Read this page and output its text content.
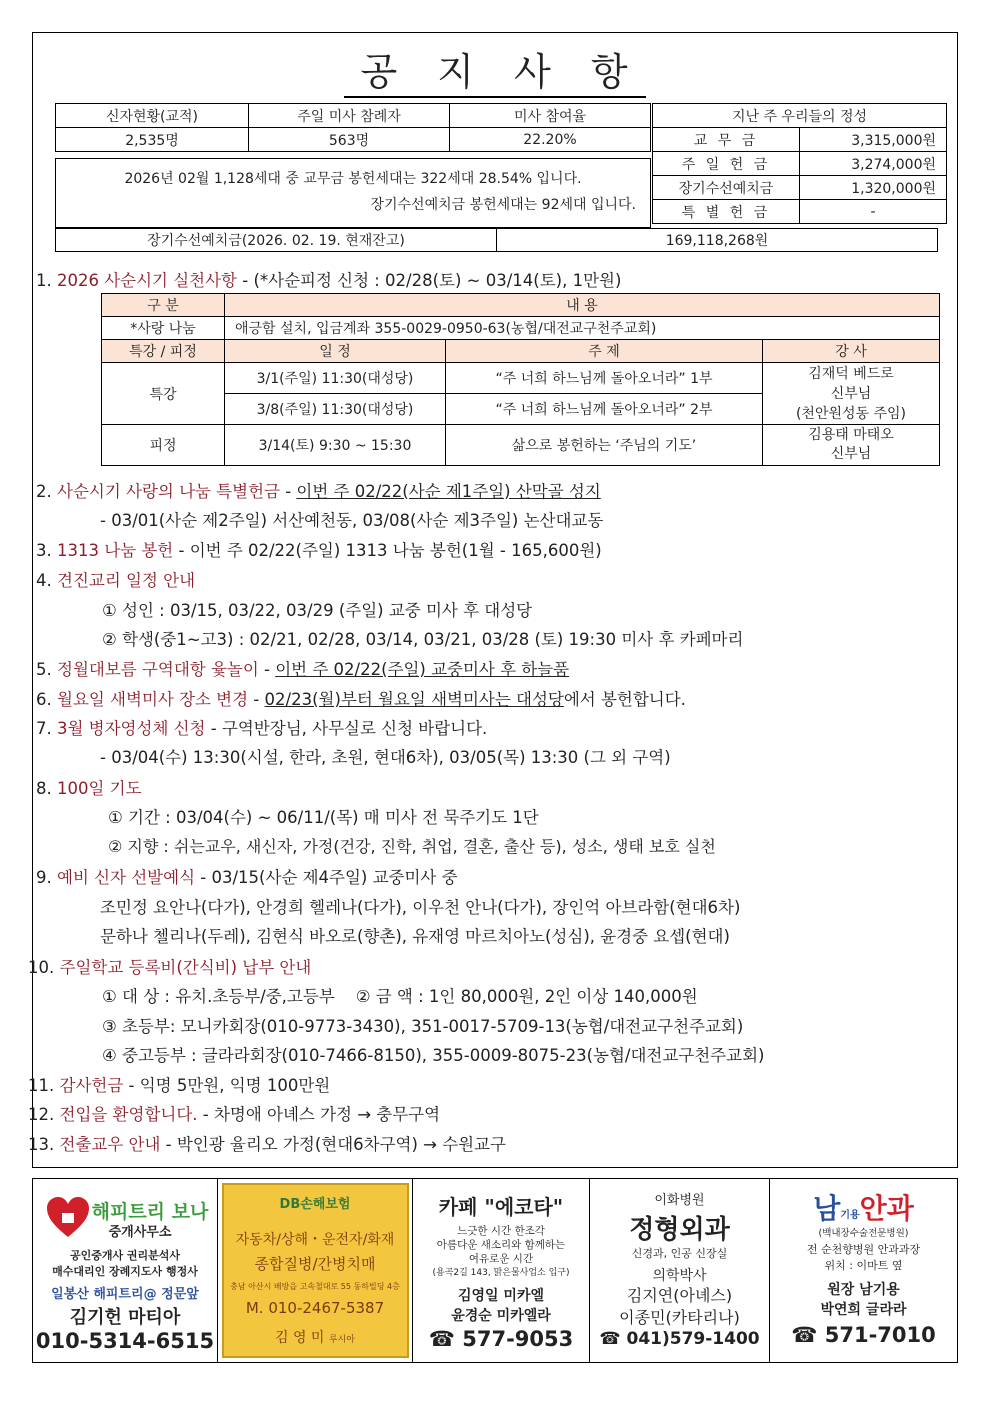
공 지 사 항
신자현황(교적)	주일 미사 참례자	미사 참여율
2,535명	563명	22.20%
2026년 02월 1,128세대 중 교무금 봉헌세대는 322세대 28.54% 입니다.
장기수선예치금 봉헌세대는 92세대 입니다.
지난 주 우리들의 정성	
교 무 금	3,315,000원
주 일 헌 금	3,274,000원
장기수선예치금	1,320,000원
특 별 헌 금	-
장기수선예치금(2026. 02. 19. 현재잔고)	169,118,268원
1. 2026 사순시기 실천사항 - (*사순피정 신청 : 02/28(토) ~ 03/14(토), 1만원)
구 분	내 용		
*사랑 나눔	애긍함 설치, 입금계좌 355-0029-0950-63(농협/대전교구천주교회)		
특강 / 피정	일 정	주 제	강 사
특강	3/1(주일) 11:30(대성당)	“주 너희 하느님께 돌아오너라” 1부	김재덕 베드로
신부님
(천안원성동 주임)

	3/8(주일) 11:30(대성당)	“주 너희 하느님께 돌아오너라” 2부	
피정	3/14(토) 9:30 ~ 15:30	삶으로 봉헌하는 ‘주님의 기도’	김용태 마태오
신부님
2. 사순시기 사랑의 나눔 특별헌금 - 이번 주 02/22(사순 제1주일) 산막골 성지
- 03/01(사순 제2주일) 서산예천동, 03/08(사순 제3주일) 논산대교동
3. 1313 나눔 봉헌 - 이번 주 02/22(주일) 1313 나눔 봉헌(1월 - 165,600원)
4. 견진교리 일정 안내
① 성인 : 03/15, 03/22, 03/29 (주일) 교중 미사 후 대성당
② 학생(중1~고3) : 02/21, 02/28, 03/14, 03/21, 03/28 (토) 19:30 미사 후 카페마리
5. 정월대보름 구역대항 윷놀이 - 이번 주 02/22(주일) 교중미사 후 하늘품
6. 월요일 새벽미사 장소 변경 - 02/23(월)부터 월요일 새벽미사는 대성당에서 봉헌합니다.
7. 3월 병자영성체 신청 - 구역반장님, 사무실로 신청 바랍니다.
- 03/04(수) 13:30(시설, 한라, 초원, 현대6차), 03/05(목) 13:30 (그 외 구역)
8. 100일 기도
① 기간 : 03/04(수) ~ 06/11/(목) 매 미사 전 묵주기도 1단
② 지향 : 쉬는교우, 새신자, 가정(건강, 진학, 취업, 결혼, 출산 등), 성소, 생태 보호 실천
9. 예비 신자 선발예식 - 03/15(사순 제4주일) 교중미사 중
조민정 요안나(다가), 안경희 헬레나(다가), 이우천 안나(다가), 장인억 아브라함(현대6차)
문하나 첼리나(두레), 김현식 바오로(향촌), 유재영 마르치아노(성심), 윤경중 요셉(현대)
10. 주일학교 등록비(간식비) 납부 안내
① 대 상 : 유치.초등부/중,고등부    ② 금 액 : 1인 80,000원, 2인 이상 140,000원
③ 초등부: 모니카회장(010-9773-3430), 351-0017-5709-13(농협/대전교구천주교회)
④ 중고등부 : 글라라회장(010-7466-8150), 355-0009-8075-23(농협/대전교구천주교회)
11. 감사헌금 - 익명 5만원, 익명 100만원
12. 전입을 환영합니다. - 차명애 아녜스 가정 → 충무구역
13. 전출교우 안내 - 박인광 율리오 가정(현대6차구역) → 수원교구
해피트리 보나
중개사무소
공인중개사 권리분석사
매수대리인 장례지도사 행정사
일봉산 해피트리@ 정문앞
김기헌 마티아
010-5314-6515
DB손해보험
자동차/상해・운전자/화재
종합질병/간병치매
충남 아산시 배방읍 고속철대로 55 동하빌딩 4층
M. 010-2467-5387
김 영 미 루시아
카페 "에코타"
느긋한 시간 한조각
아름다운 새소리와 함께하는
여유로운 시간
(용곡2길 143, 맑은물사업소 입구)
김영일 미카엘
윤경순 미카엘라
☎ 577-9053
이화병원
정형외과
신경과, 인공 신장실
의학박사
김지연(아녜스)
이종민(카타리나)
☎ 041)579-1400
남기용안과
(백내장수술전문병원)
전 순천향병원 안과과장
위치 : 이마트 옆
원장 남기용
박연희 글라라
☎ 571-7010
